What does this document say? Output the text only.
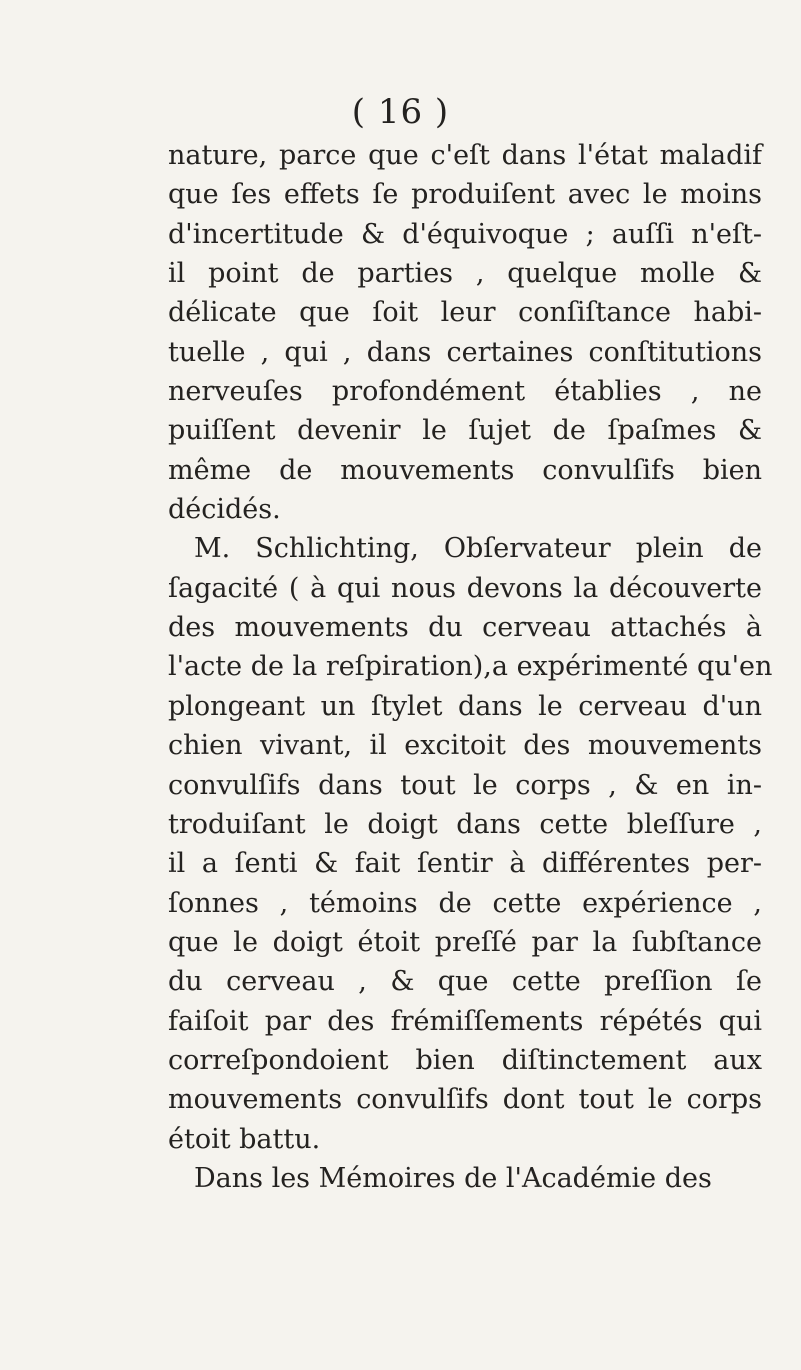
( 16 )
nature, parce que c'eſt dans l'état maladif
que ſes effets ſe produiſent avec le moins
d'incertitude & d'équivoque ; auſſi n'eſt-
il point de parties , quelque molle &
délicate que ſoit leur conſiſtance habi-
tuelle , qui , dans certaines conſtitutions
nerveuſes profondément établies , ne
puiſſent devenir le ſujet de ſpaſmes &
même de mouvements convulſifs bien
décidés.
M. Schlichting, Obſervateur plein de
ſagacité ( à qui nous devons la découverte
des mouvements du cerveau attachés à
l'acte de la reſpiration),a expérimenté qu'en
plongeant un ſtylet dans le cerveau d'un
chien vivant, il excitoit des mouvements
convulſifs dans tout le corps , & en in-
troduiſant le doigt dans cette bleſſure ,
il a ſenti & fait ſentir à différentes per-
ſonnes , témoins de cette expérience ,
que le doigt étoit preſſé par la ſubſtance
du cerveau , & que cette preſſion ſe
faiſoit par des frémiſſements répétés qui
correſpondoient bien diſtinctement aux
mouvements convulſifs dont tout le corps
étoit battu.
Dans les Mémoires de l'Académie des
